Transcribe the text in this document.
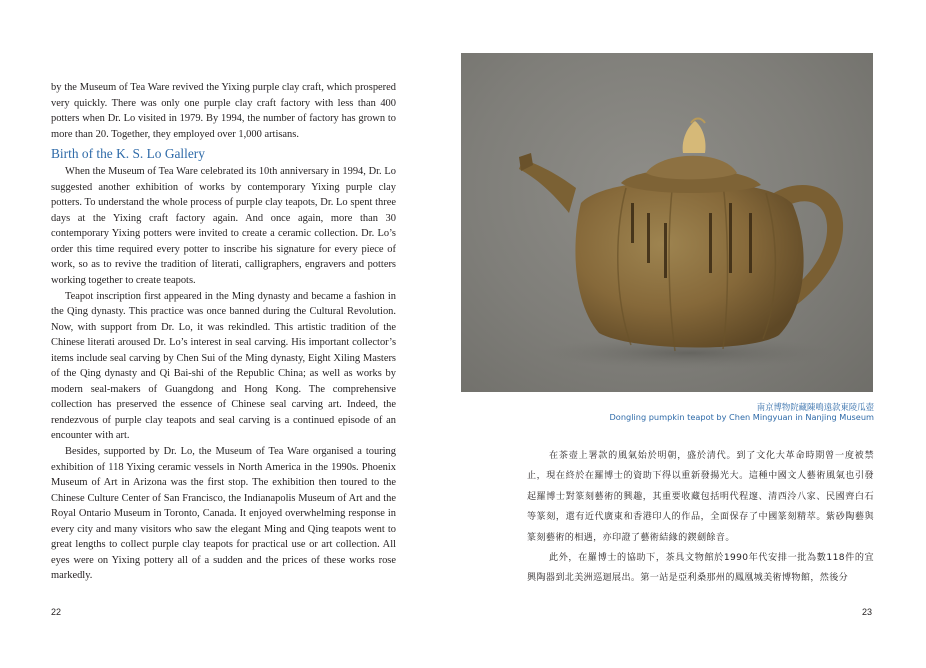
by the Museum of Tea Ware revived the Yixing purple clay craft, which prospered very quickly. There was only one purple clay craft factory with less than 400 potters when Dr. Lo visited in 1979. By 1994, the number of factory has grown to more than 20. Together, they employed over 1,000 artisans.

Birth of the K. S. Lo Gallery

When the Museum of Tea Ware celebrated its 10th anniversary in 1994, Dr. Lo suggested another exhibition of works by contemporary Yixing purple clay potters. To understand the whole process of purple clay teapots, Dr. Lo spent three days at the Yixing craft factory again. And once again, more than 30 contemporary Yixing potters were invited to create a ceramic collection. Dr. Lo’s order this time required every potter to inscribe his signature for every piece of work, so as to revive the tradition of literati, calligraphers, engravers and potters working together to create teapots.

Teapot inscription first appeared in the Ming dynasty and became a fashion in the Qing dynasty. This practice was once banned during the Cultural Revolution. Now, with support from Dr. Lo, it was rekindled. This artistic tradition of the Chinese literati aroused Dr. Lo’s interest in seal carving. His important collector’s items include seal carving by Chen Sui of the Ming dynasty, Eight Xiling Masters of the Qing dynasty and Qi Bai-shi of the Republic China; as well as works by modern seal-makers of Guangdong and Hong Kong. The comprehensive collection has preserved the essence of Chinese seal carving art. Indeed, the rendezvous of purple clay teapots and seal carving is a continued episode of an encounter with art.

Besides, supported by Dr. Lo, the Museum of Tea Ware organised a touring exhibition of 118 Yixing ceramic vessels in North America in the 1990s. Phoenix Museum of Art in Arizona was the first stop. The exhibition then toured to the Chinese Culture Center of San Francisco, the Indianapolis Museum of Art and the Royal Ontario Museum in Toronto, Canada. It enjoyed overwhelming response in every city and many visitors who saw the elegant Ming and Qing teapots went to great lengths to collect purple clay teapots for practical use or art collection. All eyes were on Yixing pottery all of a sudden and the prices of these works rose markedly.

22
南京博物院藏陳鳴遠款東陵瓜壺
Dongling pumpkin teapot by Chen Mingyuan in Nanjing Museum

在茶壺上署款的風氣始於明朝，盛於清代。到了文化大革命時期曾一度被禁止，現在終於在羅博士的資助下得以重新發揚光大。這種中國文人藝術風氣也引發起羅博士對篆刻藝術的興趣，其重要收藏包括明代程邃、清西泠八家、民國齊白石等篆刻，還有近代廣東和香港印人的作品，全面保存了中國篆刻精萃。紫砂陶藝與篆刻藝術的相遇，亦印證了藝術結緣的鍥劍餘音。

此外，在羅博士的協助下，茶具文物館於1990年代安排一批為數118件的宜興陶器到北美洲巡迴展出。第一站是亞利桑那州的鳳凰城美術博物館，然後分

23
